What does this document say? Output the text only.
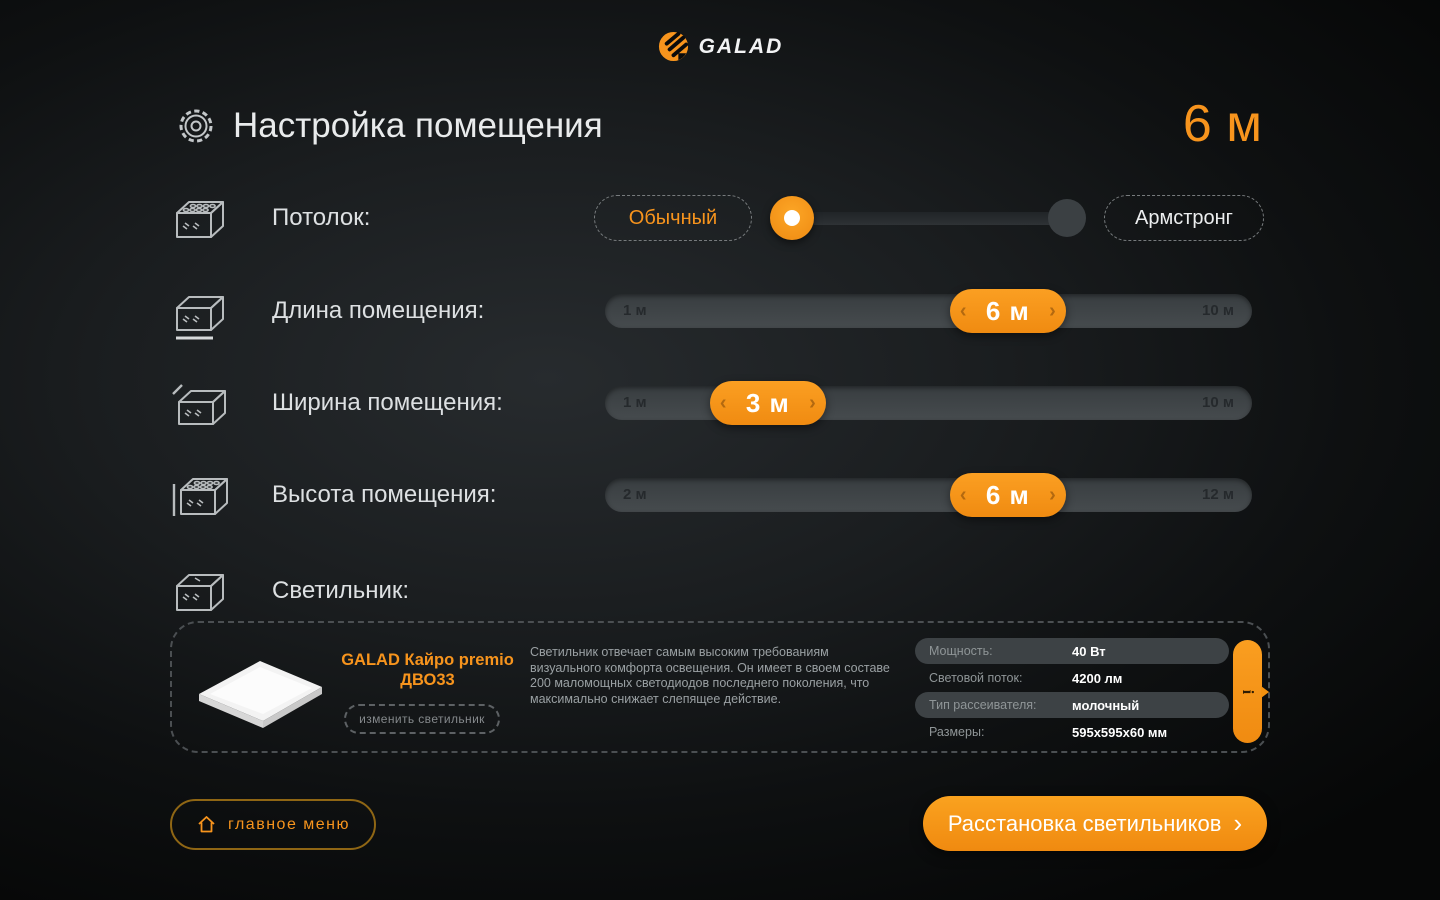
GALAD
Настройка помещения	6 м
Потолок:	Обычный	Армстронг
Длина помещения:	1 м	10 м
‹ 6 м ›
Ширина помещения:	1 м	10 м
‹ 3 м ›
Высота помещения:	2 м	12 м
‹ 6 м ›
Светильник:
GALAD Кайро premio
ДВО33
изменить светильник
Светильник отвечает самым высоким требованиям визуального комфорта освещения. Он имеет в своем составе 200 маломощных светодиодов последнего поколения, что максимально снижает слепящее действие.
Мощность:	40 Вт
Световой поток:	4200 лм
Тип рассеивателя:	молочный
Размеры:	595x595x60 мм
i
главное меню	Расстановка светильников ›
